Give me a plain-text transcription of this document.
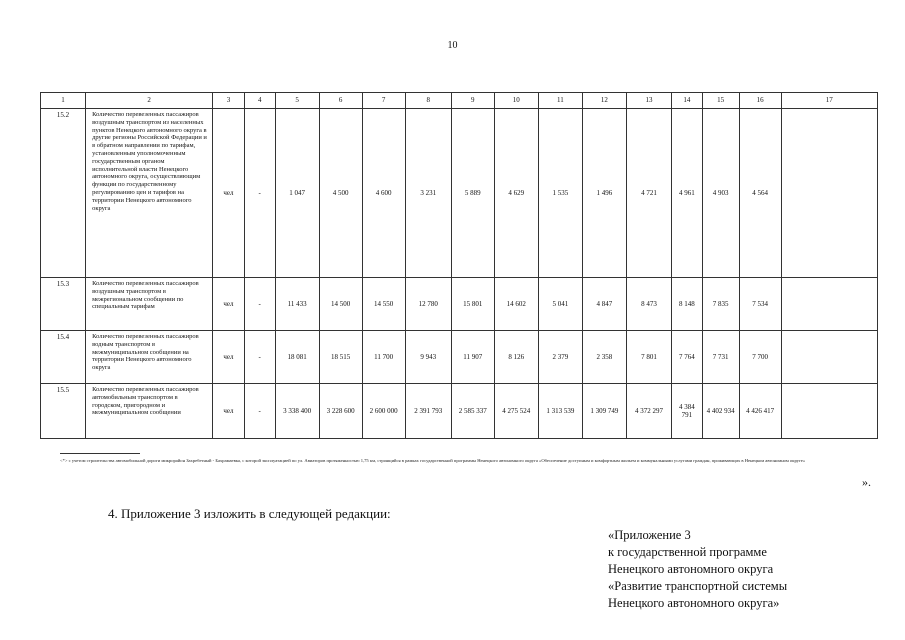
10
1	2	3	4	5	6	7	8	9	10	11	12	13	14	15	16	17
15.2	Количество перевезенных пассажиров воздушным транспортом из населенных пунктов Ненецкого автономного округа в другие регионы Российской Федерации и в обратном направлении по тарифам, установленным уполномоченным государственным органом исполнительной власти Ненецкого автономного округа, осуществляющим функции по государственному регулированию цен и тарифов на территории Ненецкого автономного округа	чел	-	1 047	4 500	4 600	3 231	5 889	4 629	1 535	1 496	4 721	4 961	4 903	4 564	
15.3	Количество перевезенных пассажиров воздушным транспортом в межрегиональном сообщении по специальным тарифам	чел	-	11 433	14 500	14 550	12 780	15 801	14 602	5 041	4 847	8 473	8 148	7 835	7 534	
15.4	Количество перевезенных пассажиров водным транспортом в межмуниципальном сообщении на территории Ненецкого автономного округа	чел	-	18 081	18 515	11 700	9 943	11 907	8 126	2 379	2 358	7 801	7 764	7 731	7 700	
15.5	Количество перевезенных пассажиров автомобильным транспортом в городском, пригородном и межмуниципальном сообщении	чел	-	3 338 400	3 228 600	2 600 000	2 391 793	2 585 337	4 275 524	1 313 539	1 309 749	4 372 297	4 384 791	4 402 934	4 426 417	
<*> с учетом строительства автомобильной дороги микрорайон Захребетный - Бахрамаевка, с которой эксплуатацией по ул. Авиаторов протяженностью 1,75 км, строящийся в рамках государственной программы Ненецкого автономного округа «Обеспечение доступным и комфортным жильем и коммунальными услугами граждан, проживающих в Ненецком автономном округе»
».
4. Приложение 3 изложить в следующей редакции:
«Приложение 3
к государственной программе
Ненецкого автономного округа
«Развитие транспортной системы
Ненецкого автономного округа»
